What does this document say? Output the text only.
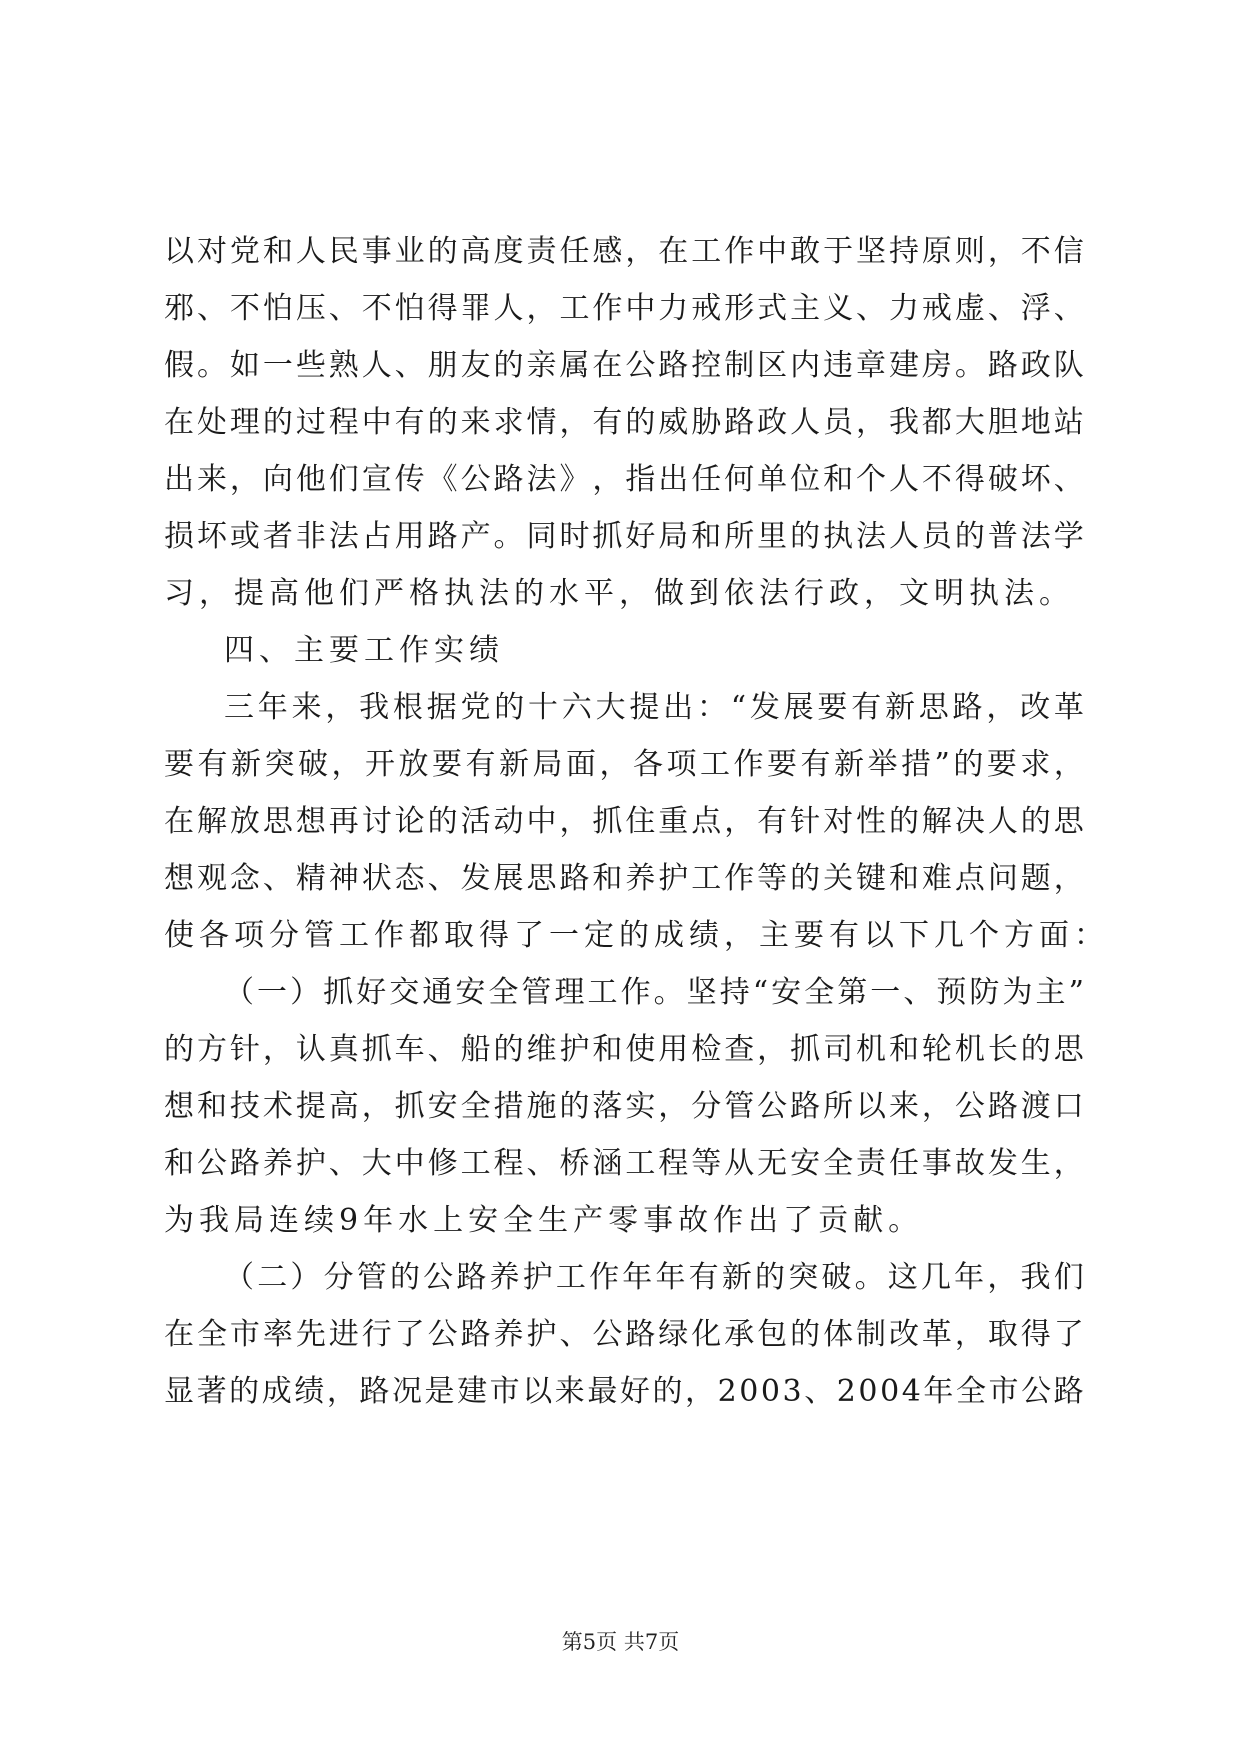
以 对 党 和 人 民 事 业 的 高 度 责 任 感 ， 在 工 作 中 敢 于 坚 持 原 则 ， 不 信
邪 、 不 怕 压 、 不 怕 得 罪 人 ， 工 作 中 力 戒 形 式 主 义 、 力 戒 虚 、 浮 、
假 。 如 一 些 熟 人 、 朋 友 的 亲 属 在 公 路 控 制 区 内 违 章 建 房 。 路 政 队
在 处 理 的 过 程 中 有 的 来 求 情 ， 有 的 威 胁 路 政 人 员 ， 我 都 大 胆 地 站
出 来 ， 向 他 们 宣 传 《 公 路 法 》 ， 指 出 任 何 单 位 和 个 人 不 得 破 坏 、
损 坏 或 者 非 法 占 用 路 产 。 同 时 抓 好 局 和 所 里 的 执 法 人 员 的 普 法 学
习，提高他们严格执法的水平，做到依法行政，文明执法。
四、主要工作实绩
三 年 来 ， 我 根 据 党 的 十 六 大 提 出 ： “ 发 展 要 有 新 思 路 ， 改 革
要 有 新 突 破 ， 开 放 要 有 新 局 面 ， 各 项 工 作 要 有 新 举 措 ” 的 要 求 ，
在 解 放 思 想 再 讨 论 的 活 动 中 ， 抓 住 重 点 ， 有 针 对 性 的 解 决 人 的 思
想 观 念 、 精 神 状 态 、 发 展 思 路 和 养 护 工 作 等 的 关 键 和 难 点 问 题 ，
使各项分管工作都取得了一定的成绩，主要有以下几个方面：
（ 一 ） 抓 好 交 通 安 全 管 理 工 作 。 坚 持 “ 安 全 第 一 、 预 防 为 主 ”
的 方 针 ， 认 真 抓 车 、 船 的 维 护 和 使 用 检 查 ， 抓 司 机 和 轮 机 长 的 思
想 和 技 术 提 高 ， 抓 安 全 措 施 的 落 实 ， 分 管 公 路 所 以 来 ， 公 路 渡 口
和 公 路 养 护 、 大 中 修 工 程 、 桥 涵 工 程 等 从 无 安 全 责 任 事 故 发 生 ，
为我局连续9年水上安全生产零事故作出了贡献。
（ 二 ） 分 管 的 公 路 养 护 工 作 年 年 有 新 的 突 破 。 这 几 年 ， 我 们
在 全 市 率 先 进 行 了 公 路 养 护 、 公 路 绿 化 承 包 的 体 制 改 革 ， 取 得 了
显 著 的 成 绩 ， 路 况 是 建 市 以 来 最 好 的 ， 2 0 0 3 、 2 0 0 4 年 全 市 公 路
第5页 共7页
